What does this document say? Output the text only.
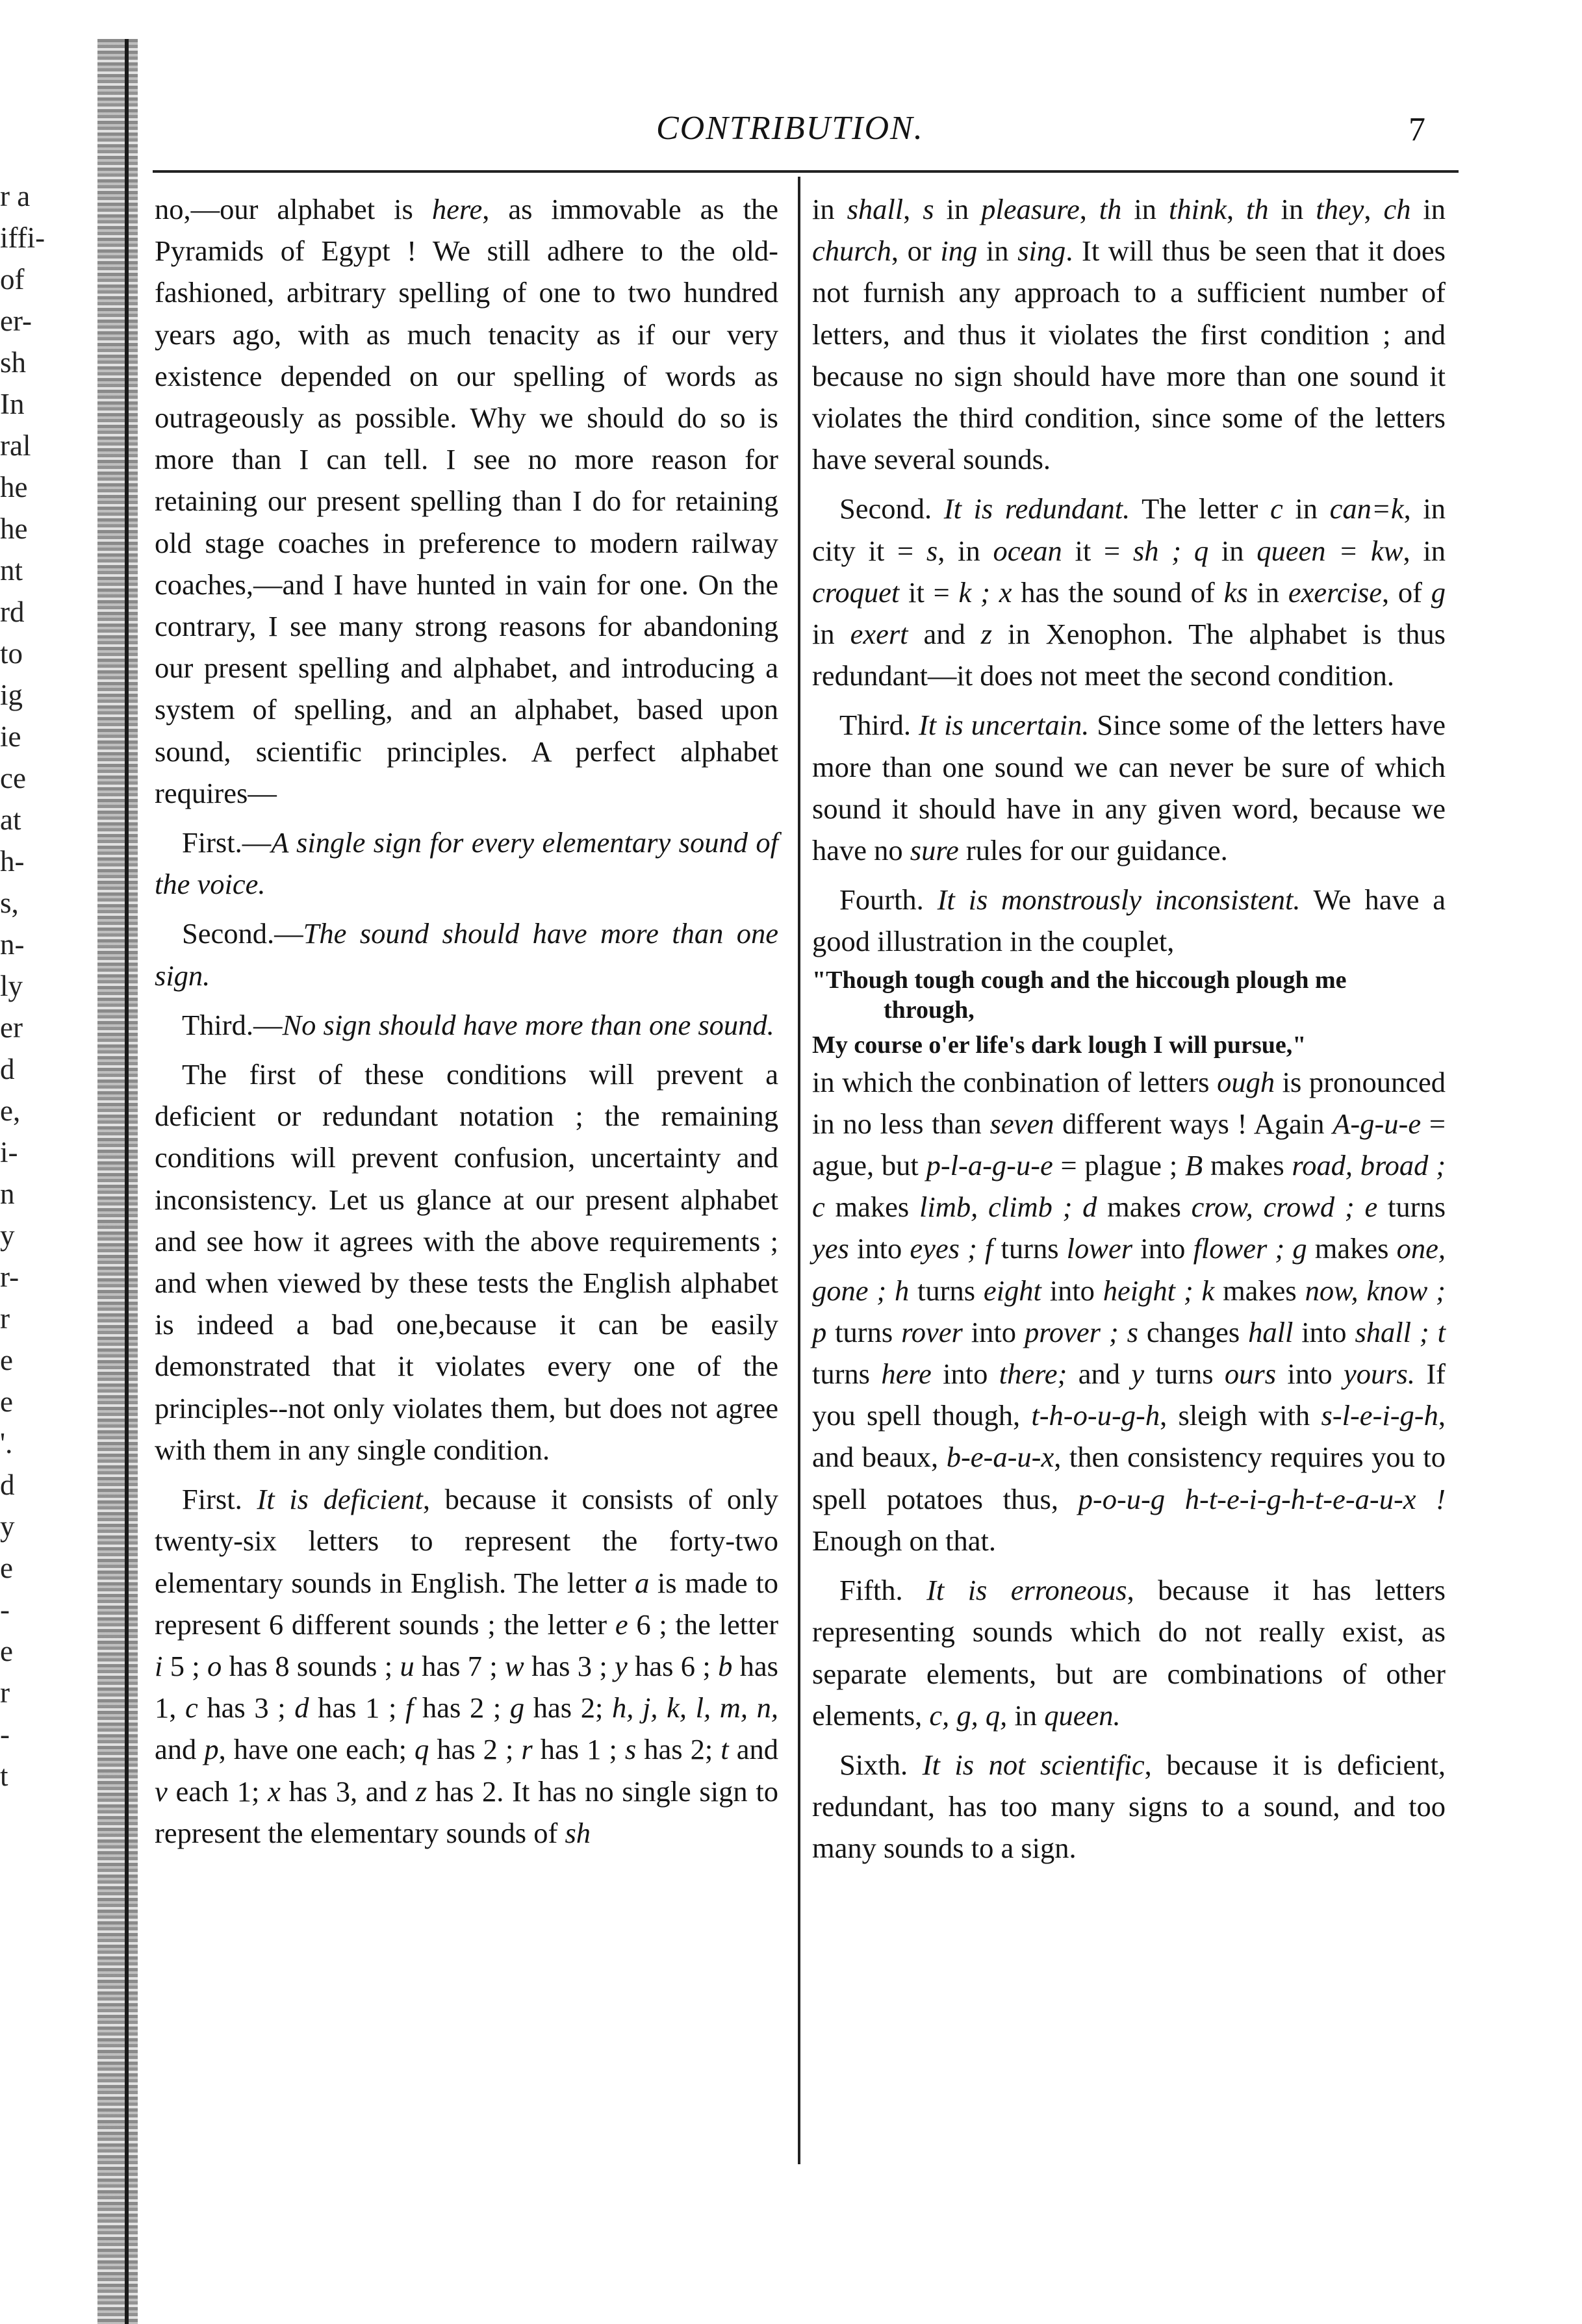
r a
iffi-
of
er-
sh
In
ral
he
he
nt
rd
to
ig
ie
ce
at
h-
s,
n-
ly
er
d
e,
i-
n
y
r-
r
e
e
'.
d
y
e
-
e
r
-
t
CONTRIBUTION.	7

no,—our alphabet is here, as immovable as the Pyramids of Egypt ! We still adhere to the old-fashioned, arbitrary spelling of one to two hundred years ago, with as much tenacity as if our very existence depended on our spelling of words as outrageously as possible. Why we should do so is more than I can tell. I see no more reason for retaining our present spelling than I do for retaining old stage coaches in preference to modern railway coaches,—and I have hunted in vain for one. On the contrary, I see many strong reasons for abandoning our present spelling and alphabet, and introducing a system of spelling, and an alphabet, based upon sound, scientific principles. A perfect alphabet requires—

First.—A single sign for every elementary sound of the voice.

Second.—The sound should have more than one sign.

Third.—No sign should have more than one sound.

The first of these conditions will prevent a deficient or redundant notation ; the remaining conditions will prevent confusion, uncertainty and inconsistency. Let us glance at our present alphabet and see how it agrees with the above requirements ; and when viewed by these tests the English alphabet is indeed a bad one,because it can be easily demonstrated that it violates every one of the principles--not only violates them, but does not agree with them in any single condition.

First. It is deficient, because it consists of only twenty-six letters to represent the forty-two elementary sounds in English. The letter a is made to represent 6 different sounds ; the letter e 6 ; the letter i 5 ; o has 8 sounds ; u has 7 ; w has 3 ; y has 6 ; b has 1, c has 3 ; d has 1 ; f has 2 ; g has 2; h, j, k, l, m, n, and p, have one each; q has 2 ; r has 1 ; s has 2; t and v each 1; x has 3, and z has 2. It has no single sign to represent the elementary sounds of sh

in shall, s in pleasure, th in think, th in they, ch in church, or ing in sing. It will thus be seen that it does not furnish any approach to a sufficient number of letters, and thus it violates the first condition ; and because no sign should have more than one sound it violates the third condition, since some of the letters have several sounds.

Second. It is redundant. The letter c in can=k, in city it = s, in ocean it = sh ; q in queen = kw, in croquet it = k ; x has the sound of ks in exercise, of g in exert and z in Xenophon. The alphabet is thus redundant—it does not meet the second condition.

Third. It is uncertain. Since some of the letters have more than one sound we can never be sure of which sound it should have in any given word, because we have no sure rules for our guidance.

Fourth. It is monstrously inconsistent. We have a good illustration in the couplet,

"Though tough cough and the hiccough plough me
through,
My course o'er life's dark lough I will pursue,"

in which the conbination of letters ough is pronounced in no less than seven different ways ! Again A-g-u-e = ague, but p-l-a-g-u-e = plague ; B makes road, broad ; c makes limb, climb ; d makes crow, crowd ; e turns yes into eyes ; f turns lower into flower ; g makes one, gone ; h turns eight into height ; k makes now, know ; p turns rover into prover ; s changes hall into shall ; t turns here into there; and y turns ours into yours. If you spell though, t-h-o-u-g-h, sleigh with s-l-e-i-g-h, and beaux, b-e-a-u-x, then consistency requires you to spell potatoes thus, p-o-u-g h-t-e-i-g-h-t-e-a-u-x ! Enough on that.

Fifth. It is erroneous, because it has letters representing sounds which do not really exist, as separate elements, but are combinations of other elements, c, g, q, in queen.

Sixth. It is not scientific, because it is deficient, redundant, has too many signs to a sound, and too many sounds to a sign.
